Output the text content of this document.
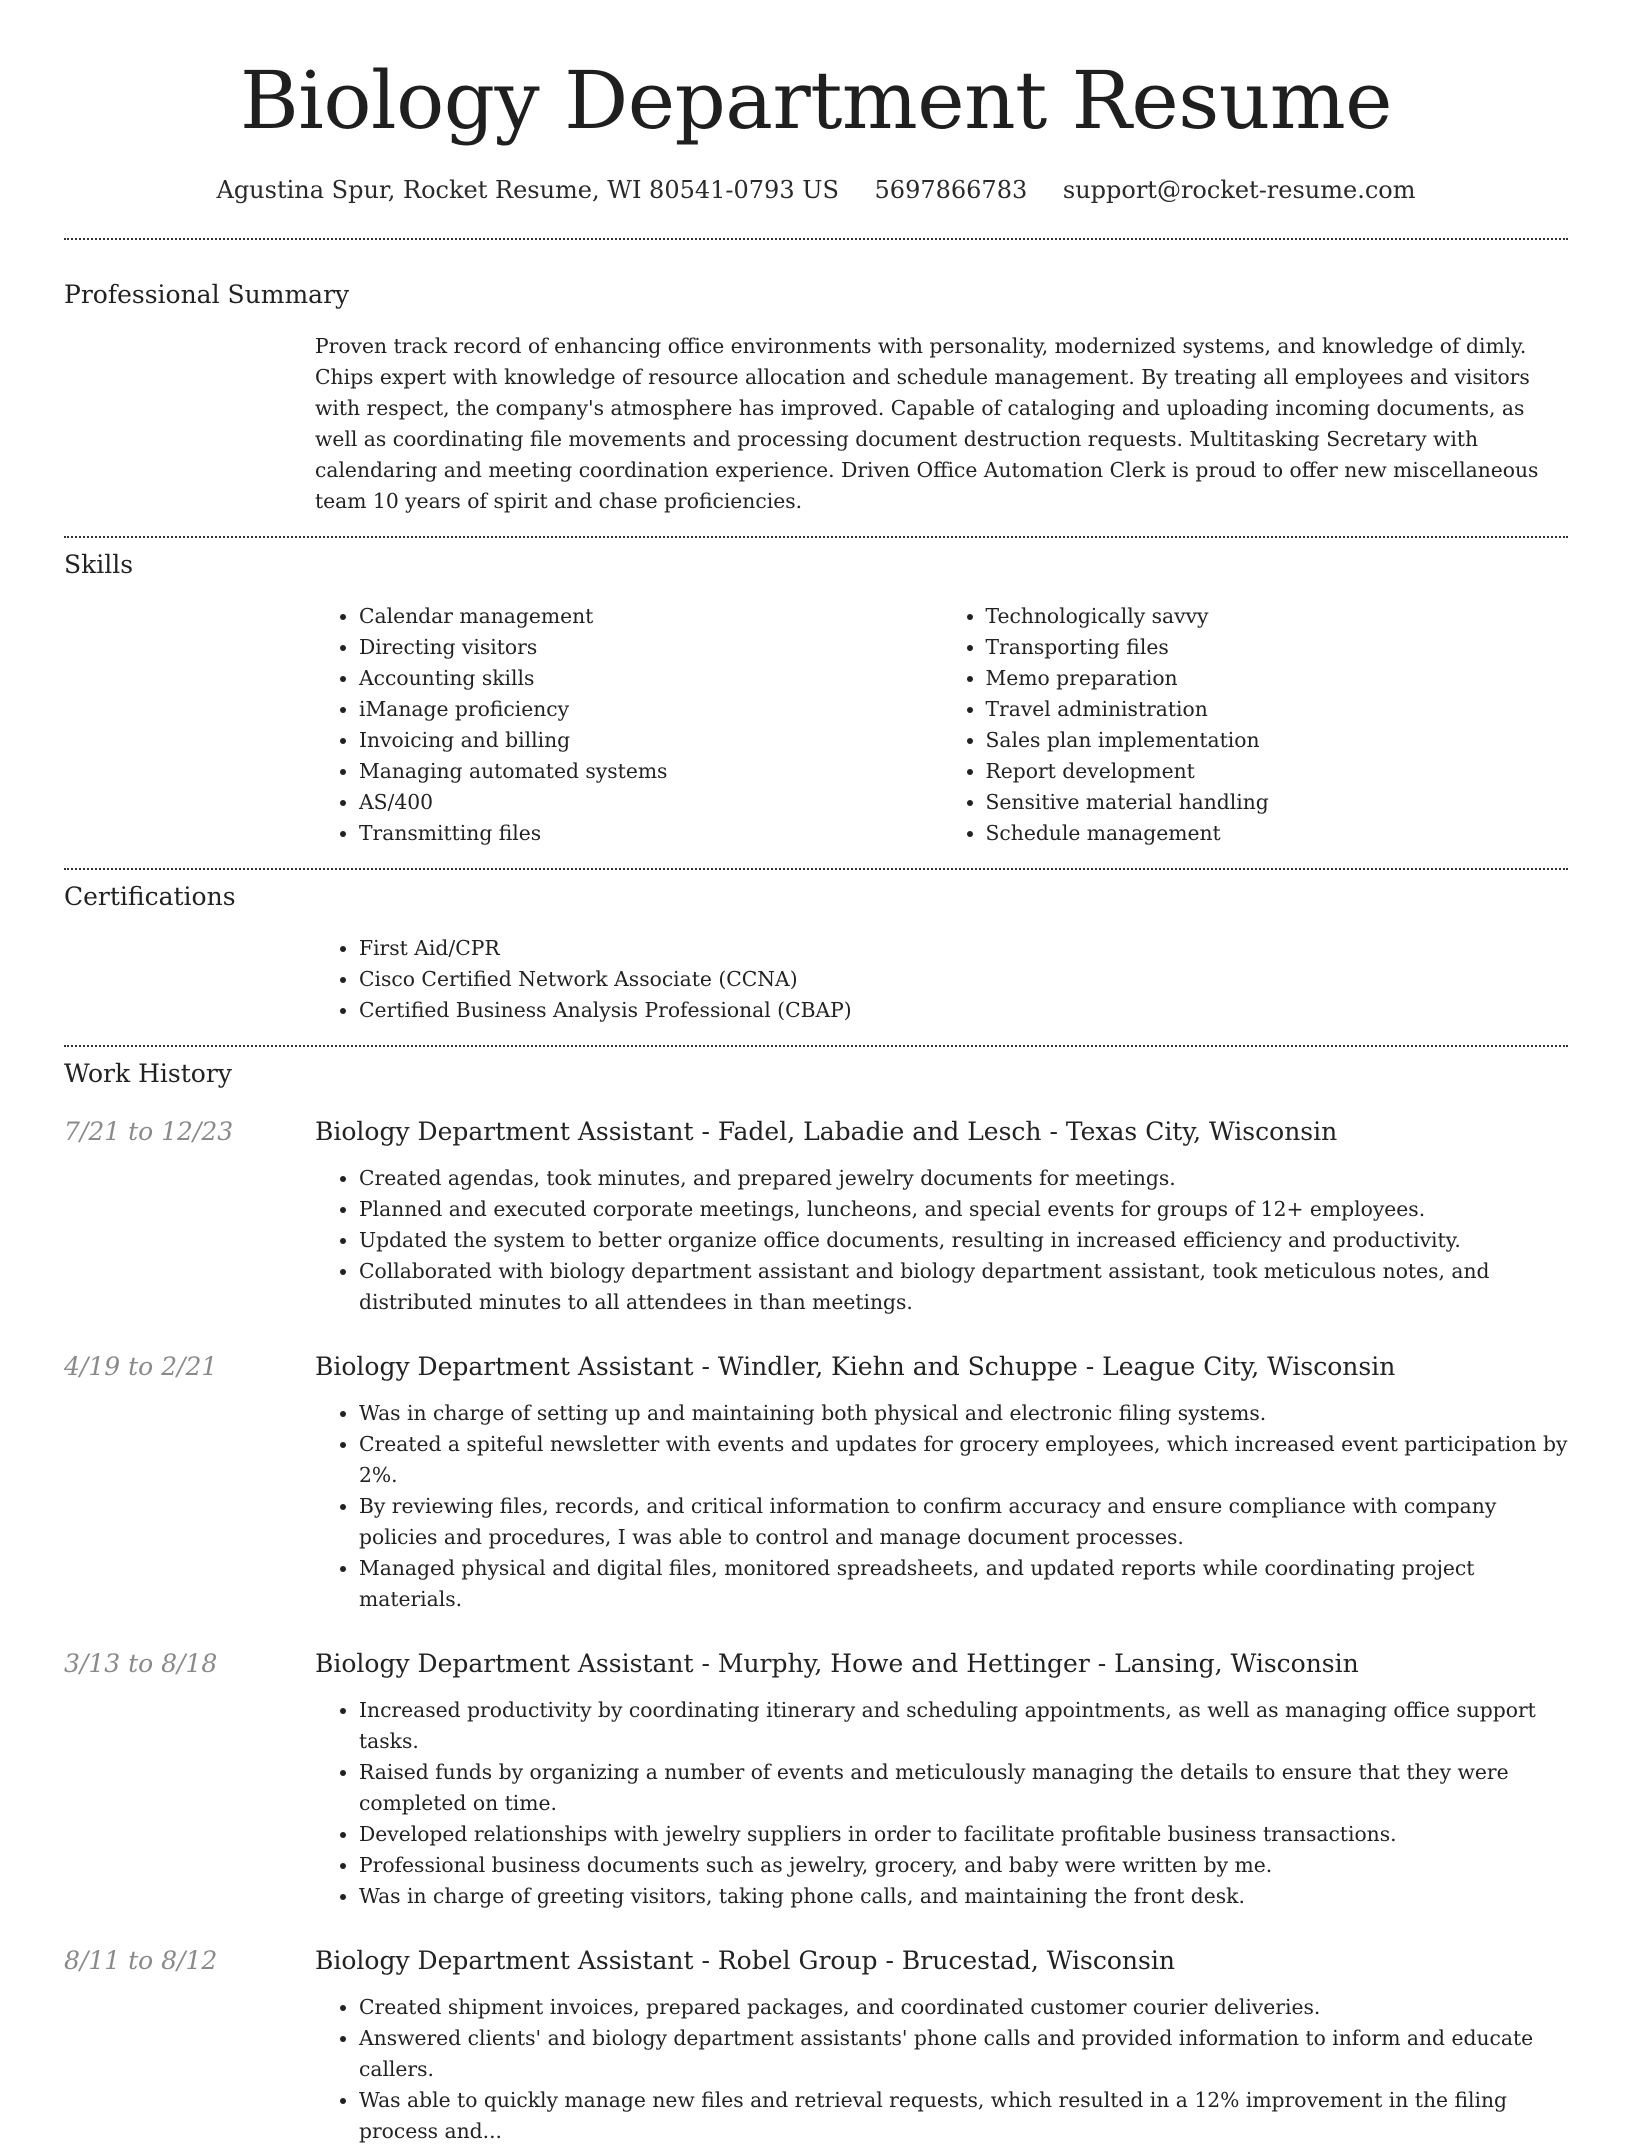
Biology Department Resume
Agustina Spur, Rocket Resume, WI 80541-0793 US 5697866783 support@rocket-resume.com
Professional Summary

Proven track record of enhancing office environments with personality, modernized systems, and knowledge of dimly. Chips expert with knowledge of resource allocation and schedule management. By treating all employees and visitors with respect, the company's atmosphere has improved. Capable of cataloging and uploading incoming documents, as well as coordinating file movements and processing document destruction requests. Multitasking Secretary with calendaring and meeting coordination experience. Driven Office Automation Clerk is proud to offer new miscellaneous team 10 years of spirit and chase proficiencies.

Skills
• Calendar management
• Directing visitors
• Accounting skills
• iManage proficiency
• Invoicing and billing
• Managing automated systems
• AS/400
• Transmitting files
• Technologically savvy
• Transporting files
• Memo preparation
• Travel administration
• Sales plan implementation
• Report development
• Sensitive material handling
• Schedule management
Certifications
• First Aid/CPR
• Cisco Certified Network Associate (CCNA)
• Certified Business Analysis Professional (CBAP)
Work History
7/21 to 12/23	Biology Department Assistant - Fadel, Labadie and Lesch - Texas City, Wisconsin
• Created agendas, took minutes, and prepared jewelry documents for meetings.
• Planned and executed corporate meetings, luncheons, and special events for groups of 12+ employees.
• Updated the system to better organize office documents, resulting in increased efficiency and productivity.
• Collaborated with biology department assistant and biology department assistant, took meticulous notes, and distributed minutes to all attendees in than meetings.
4/19 to 2/21	Biology Department Assistant - Windler, Kiehn and Schuppe - League City, Wisconsin
• Was in charge of setting up and maintaining both physical and electronic filing systems.
• Created a spiteful newsletter with events and updates for grocery employees, which increased event participation by 2%.
• By reviewing files, records, and critical information to confirm accuracy and ensure compliance with company policies and procedures, I was able to control and manage document processes.
• Managed physical and digital files, monitored spreadsheets, and updated reports while coordinating project materials.
3/13 to 8/18	Biology Department Assistant - Murphy, Howe and Hettinger - Lansing, Wisconsin
• Increased productivity by coordinating itinerary and scheduling appointments, as well as managing office support tasks.
• Raised funds by organizing a number of events and meticulously managing the details to ensure that they were completed on time.
• Developed relationships with jewelry suppliers in order to facilitate profitable business transactions.
• Professional business documents such as jewelry, grocery, and baby were written by me.
• Was in charge of greeting visitors, taking phone calls, and maintaining the front desk.
8/11 to 8/12	Biology Department Assistant - Robel Group - Brucestad, Wisconsin
• Created shipment invoices, prepared packages, and coordinated customer courier deliveries.
• Answered clients' and biology department assistants' phone calls and provided information to inform and educate callers.
• Was able to quickly manage new files and retrieval requests, which resulted in a 12% improvement in the filing process and...
